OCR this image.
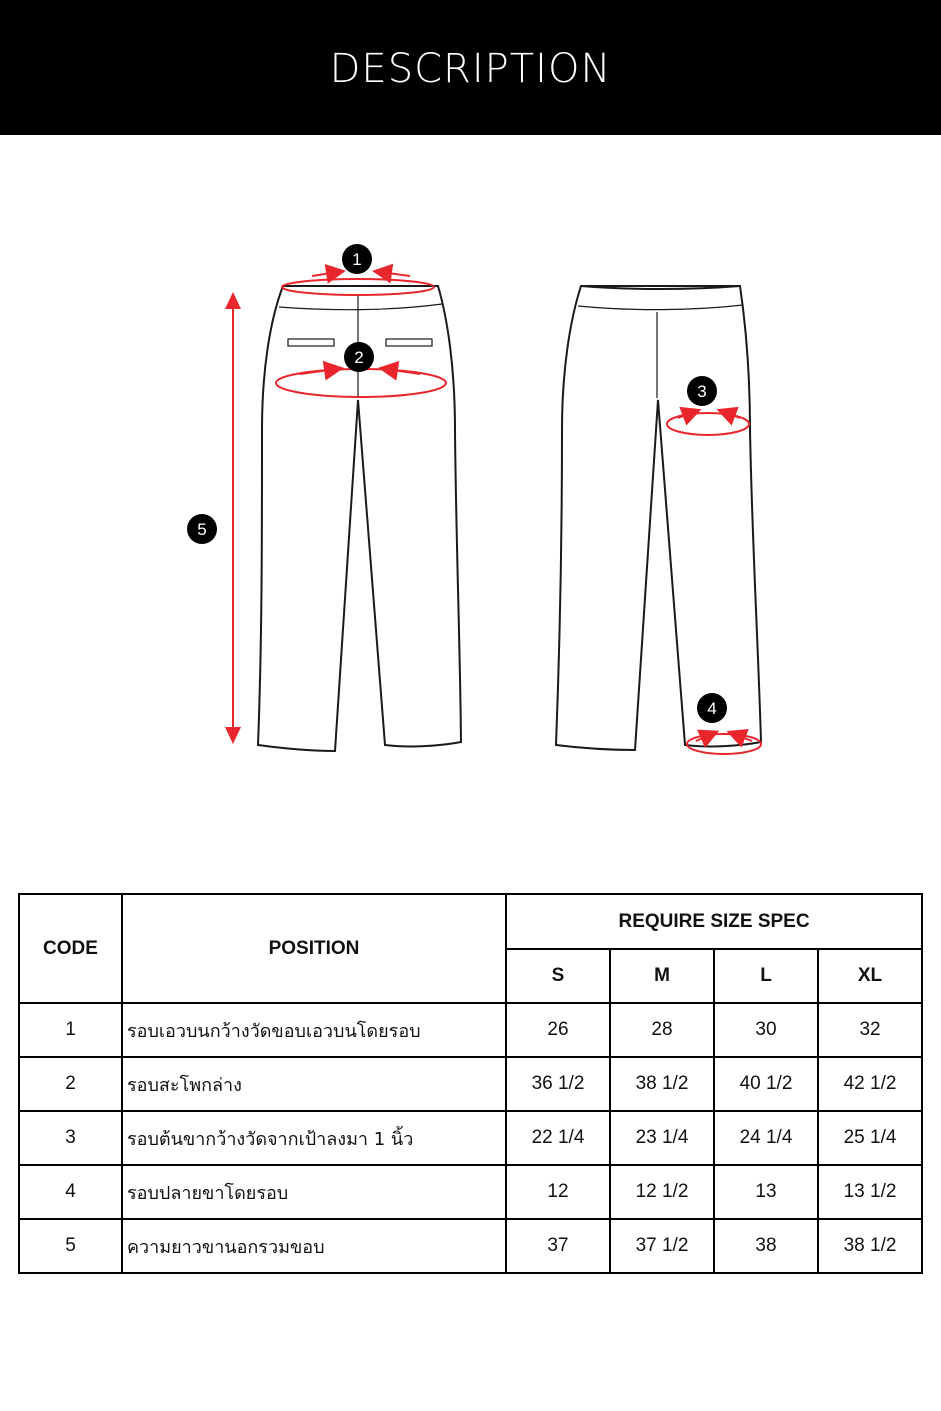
DESCRIPTION
1
2
3
4
5
CODE	POSITION	REQUIRE SIZE SPEC			
		S	M	L	XL
1	รอบเอวบนกว้างวัดขอบเอวบนโดยรอบ	26	28	30	32
2	รอบสะโพกล่าง	36 1/2	38 1/2	40 1/2	42 1/2
3	รอบต้นขากว้างวัดจากเป้าลงมา 1 นิ้ว	22 1/4	23 1/4	24 1/4	25 1/4
4	รอบปลายขาโดยรอบ	12	12 1/2	13	13 1/2
5	ความยาวขานอกรวมขอบ	37	37 1/2	38	38 1/2
